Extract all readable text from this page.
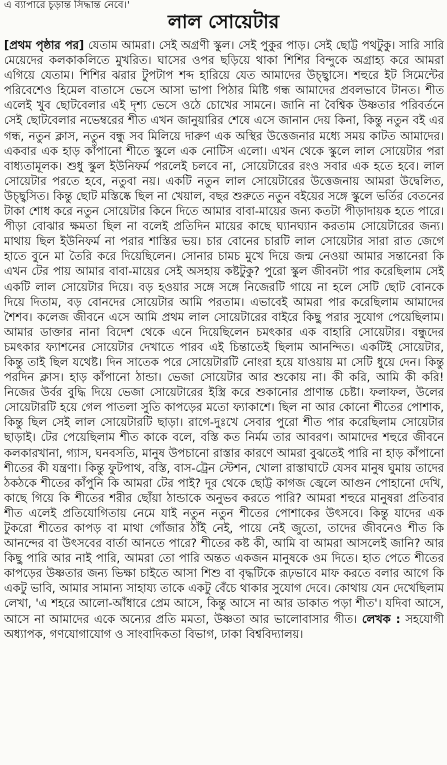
এ ব্যাপারে চূড়ান্ত সিদ্ধান্ত নেবে।'
লাল সোয়েটার

[প্রথম পৃষ্ঠার পর] যেতাম আমরা। সেই অগ্রণী স্কুল। সেই পুকুর পাড়। সেই ছোট্ট পথটুকু। সারি সারি মেয়েদের কলকাকলিতে মুখরিত। ঘাসের ওপর ছড়িয়ে থাকা শিশির বিন্দুকে অগ্রাহ্য করে আমরা এগিয়ে যেতাম। শিশির ঝরার টুপটাপ শব্দ হারিয়ে যেত আমাদের উচ্ছ্বাসে। শহুরে ইট সিমেন্টের পরিবেশেও হিমেল বাতাসে ভেসে আসা ভাপা পিঠার মিষ্টি গন্ধ আমাদের প্রবলভাবে টানত। শীত এলেই খুব ছোটবেলার এই দৃশ্য ভেসে ওঠে চোখের সামনে। জানি না বৈশ্বিক উষ্ণতার পরিবর্তনে সেই ছোটবেলার নভেম্বরের শীত এখন জানুয়ারির শেষে এসে জানান দেয় কিনা, কিন্তু নতুন বই এর গন্ধ, নতুন ক্লাস, নতুন বন্ধু সব মিলিয়ে দারুণ এক অস্থির উত্তেজনার মধ্যে সময় কাটত আমাদের। একবার এক হাড় কাঁপানো শীতে স্কুলে এক নোটিস এলো। এখন থেকে স্কুলে লাল সোয়েটার পরা বাধ্যতামূলক। শুধু স্কুল ইউনিফর্ম পরলেই চলবে না, সোয়েটারের রংও সবার এক হতে হবে। লাল সোয়েটার পরতে হবে, নতুবা নয়। একটি নতুন লাল সোয়েটারের উত্তেজনায় আমরা উদ্বেলিত, উচ্ছ্বসিত। কিন্তু ছোট মস্তিষ্কে ছিল না খেয়াল, বছর শুরুতে নতুন বইয়ের সঙ্গে স্কুলে ভর্তির বেতনের টাকা শোধ করে নতুন সোয়েটার কিনে দিতে আমার বাবা-মায়ের জন্য কতটা পীড়াদায়ক হতে পারে। পীড়া বোঝার ক্ষমতা ছিল না বলেই প্রতিদিন মায়ের কাছে ঘ্যানঘ্যান করতাম সোয়েটারের জন্য। মাথায় ছিল ইউনিফর্ম না পরার শাস্তির ভয়। চার বোনের চারটি লাল সোয়েটার সারা রাত জেগে হাতে বুনে মা তৈরি করে দিয়েছিলেন। সোনার চামচ মুখে দিয়ে জন্ম নেওয়া আমার সন্তানেরা কি এখন টের পায় আমার বাবা-মায়ের সেই অসহায় কষ্টটুকু? পুরো স্কুল জীবনটা পার করেছিলাম সেই একটি লাল সোয়েটার দিয়ে। বড় হওয়ার সঙ্গে সঙ্গে নিজেরটি গায়ে না হলে সেটি ছোট বোনকে দিয়ে দিতাম, বড় বোনদের সোয়েটার আমি পরতাম। এভাবেই আমরা পার করেছিলাম আমাদের শৈশব। কলেজ জীবনে এসে আমি প্রথম লাল সোয়েটারের বাইরে কিছু পরার সুযোগ পেয়েছিলাম। আমার ডাক্তার নানা বিদেশ থেকে এনে দিয়েছিলেন চমৎকার এক বাহারি সোয়েটার। বন্ধুদের চমৎকার ফ্যাশনের সোয়েটার দেখাতে পারব এই চিন্তাতেই ছিলাম আনন্দিত। একটিই সোয়েটার, কিন্তু তাই ছিল যথেষ্ট। দিন সাতেক পরে সোয়েটারটি নোংরা হয়ে যাওয়ায় মা সেটি ধুয়ে দেন। কিন্তু পরদিন ক্লাস। হাড় কাঁপানো ঠান্ডা। ভেজা সোয়েটার আর শুকোয় না। কী করি, আমি কী করি! নিজের উর্বর বুদ্ধি দিয়ে ভেজা সোয়েটারের ইস্ত্রি করে শুকানোর প্রাণান্ত চেষ্টা। ফলাফল, উলের সোয়েটারটি হয়ে গেল পাতলা সুতি কাপড়ের মতো ফ্যাকাশে। ছিল না আর কোনো শীতের পোশাক, কিন্তু ছিল সেই লাল সোয়েটারটি ছাড়া। রাগে-দুঃখে সেবার পুরো শীত পার করেছিলাম সোয়েটার ছাড়াই। টের পেয়েছিলাম শীত কাকে বলে, বস্তি কত নির্মম তার আবরণ। আমাদের শহুরে জীবনে কলকারখানা, গ্যাস, ঘনবসতি, মানুষ উপচানো রাস্তার কারণে আমরা বুঝতেই পারি না হাড় কাঁপানো শীতের কী যন্ত্রণা। কিন্তু ফুটপাথ, বস্তি, বাস-ট্রেন স্টেশন, খোলা রাস্তাঘাটে যেসব মানুষ ঘুমায় তাদের ঠকঠকে শীতের কাঁপুনি কি আমরা টের পাই? দূর থেকে ছোট্ট কাগজ জ্বেলে আগুন পোহানো দেখি, কাছে গিয়ে কি শীতের শরীর ছোঁয়া ঠান্ডাকে অনুভব করতে পারি? আমরা শহুরে মানুষরা প্রতিবার শীত এলেই প্রতিযোগিতায় নেমে যাই নতুন নতুন শীতের পোশাকের উৎসবে। কিন্তু যাদের এক টুকরো শীতের কাপড় বা মাথা গোঁজার ঠাঁই নেই, পায়ে নেই জুতো, তাদের জীবনেও শীত কি আনন্দের বা উৎসবের বার্তা আনতে পারে? শীতের কষ্ট কী, আমি বা আমরা আসলেই জানি? আর কিছু পারি আর নাই পারি, আমরা তো পারি অন্তত একজন মানুষকে ওম দিতে। হাত পেতে শীতের কাপড়ের উষ্ণতার জন্য ভিক্ষা চাইতে আসা শিশু বা বৃদ্ধটিকে রূঢ়ভাবে মাফ করতে বলার আগে কি একটু ভাবি, আমার সামান্য সাহায্য তাকে একটু বেঁচে থাকার সুযোগ দেবে। কোথায় যেন দেখেছিলাম লেখা, 'এ শহরে আলো-আঁধারে প্রেম আসে, কিন্তু আসে না আর ডাকাত পড়া শীত'। যদিবা আসে, আসে না আমাদের একে অন্যের প্রতি মমতা, উষ্ণতা আর ভালোবাসার গীত। লেখক : সহযোগী অধ্যাপক, গণযোগাযোগ ও সাংবাদিকতা বিভাগ, ঢাকা বিশ্ববিদ্যালয়।
